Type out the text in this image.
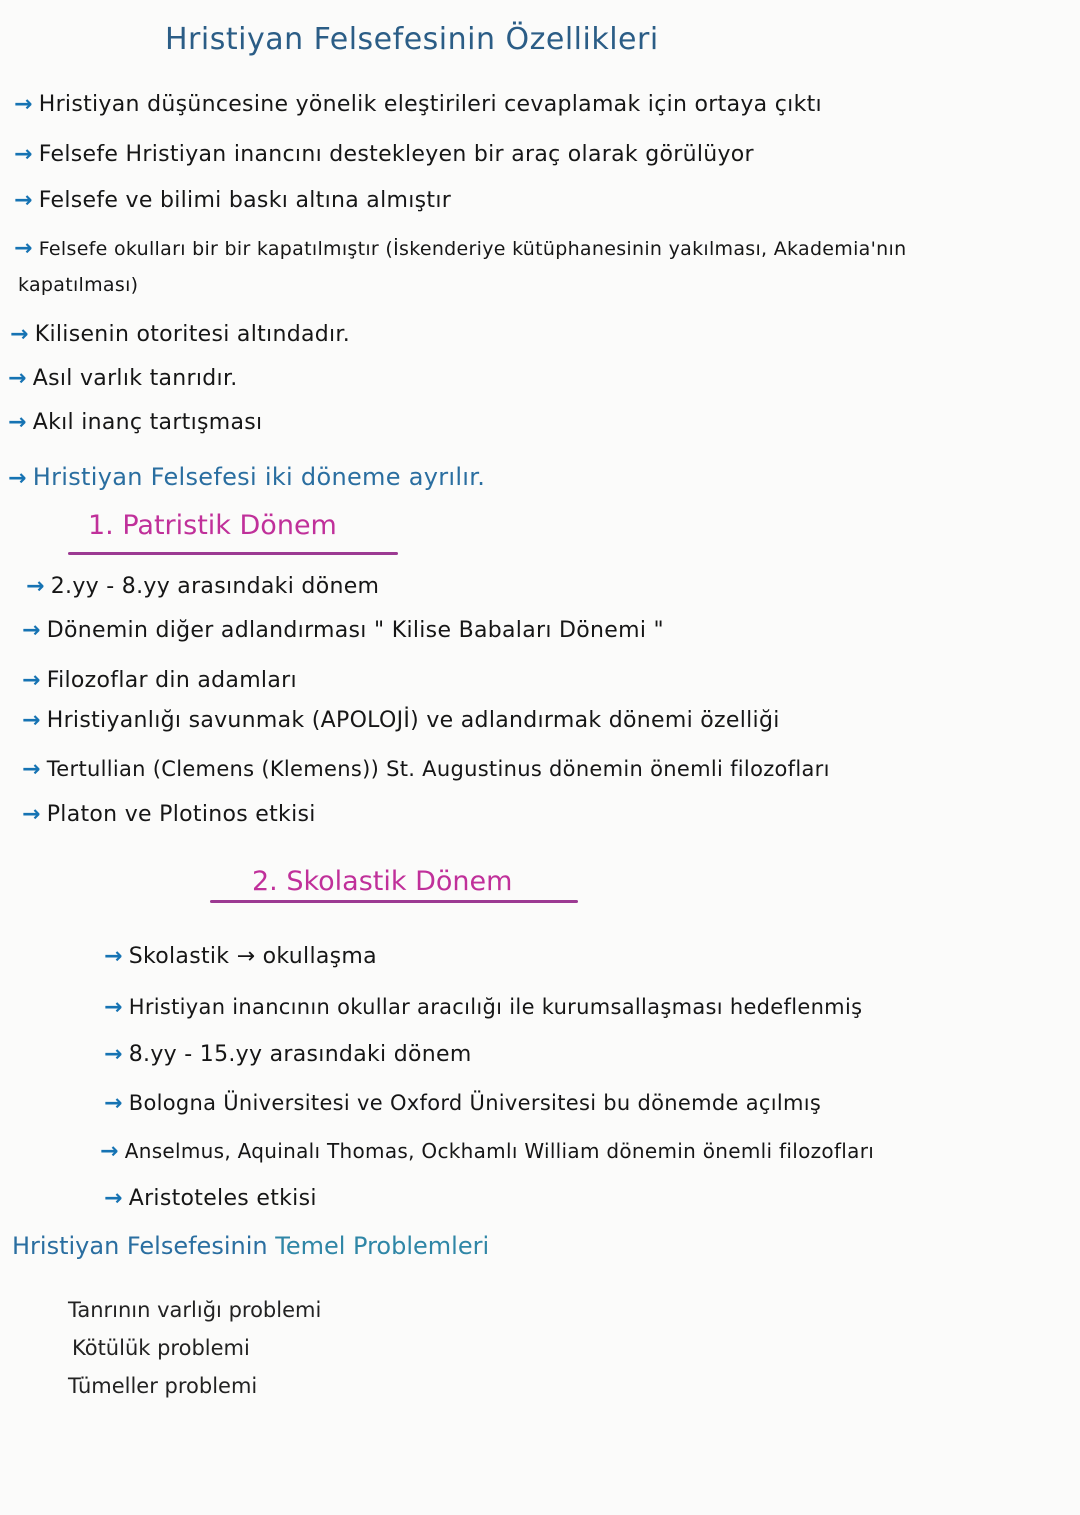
Hristiyan Felsefesinin Özellikleri
→ Hristiyan düşüncesine yönelik eleştirileri cevaplamak için ortaya çıktı
→ Felsefe Hristiyan inancını destekleyen bir araç olarak görülüyor
→ Felsefe ve bilimi baskı altına almıştır
→ Felsefe okulları bir bir kapatılmıştır (İskenderiye kütüphanesinin yakılması, Akademia'nın
kapatılması)
→ Kilisenin otoritesi altındadır.
→ Asıl varlık tanrıdır.
→ Akıl inanç tartışması
→ Hristiyan Felsefesi iki döneme ayrılır.
1. Patristik Dönem
→ 2.yy - 8.yy arasındaki dönem
→ Dönemin diğer adlandırması " Kilise Babaları Dönemi "
→ Filozoflar din adamları
→ Hristiyanlığı savunmak (APOLOJİ) ve adlandırmak dönemi özelliği
→ Tertullian (Clemens (Klemens)) St. Augustinus dönemin önemli filozofları
→ Platon ve Plotinos etkisi
2. Skolastik Dönem
→ Skolastik → okullaşma
→ Hristiyan inancının okullar aracılığı ile kurumsallaşması hedeflenmiş
→ 8.yy - 15.yy arasındaki dönem
→ Bologna Üniversitesi ve Oxford Üniversitesi bu dönemde açılmış
→ Anselmus, Aquinalı Thomas, Ockhamlı William dönemin önemli filozofları
→ Aristoteles etkisi
Hristiyan Felsefesinin Temel Problemleri
Tanrının varlığı problemi
Kötülük problemi
Tümeller problemi
